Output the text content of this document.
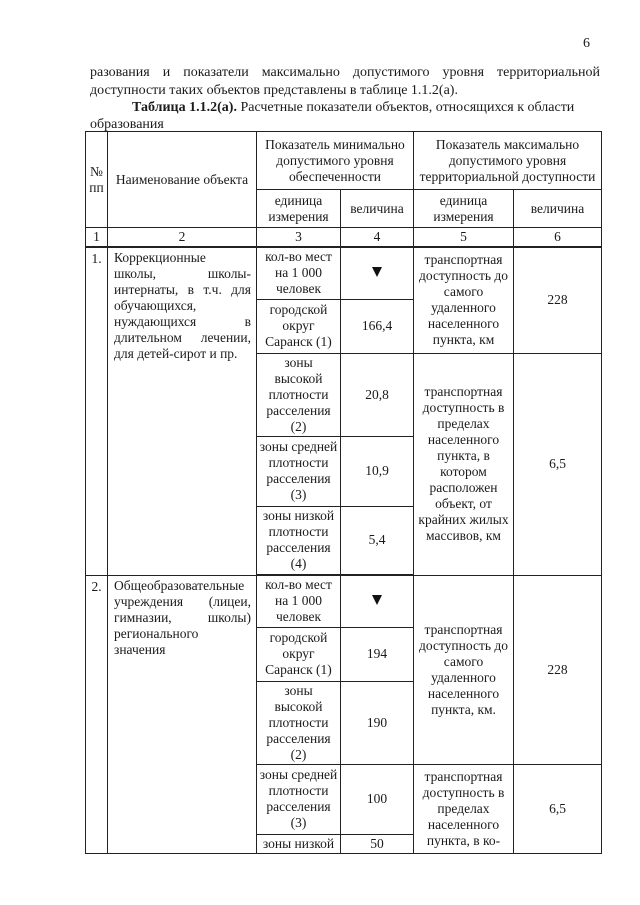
6

разования и показатели максимально допустимого уровня территориальной доступности таких объектов представлены в таблице 1.1.2(а).

Таблица 1.1.2(а). Расчетные показатели объектов, относящихся к области образования
№ пп	Наименование объекта	Показатель минимально допустимого уровня обеспеченности		Показатель максимально допустимого уровня территориальной доступности	
		единица измерения	величина	единица измерения	величина
1	2	3	4	5	6
1.	Коррекционные школы, школы-интернаты, в т.ч. для обучающихся, нуждающихся в длительном лечении, для детей-сирот и пр.	кол-во мест на 1 000 человек		транспортная доступность до самого удаленного населенного пункта, км	228
		городской округ Саранск (1)	166,4		
		зоны высокой плотности расселения (2)	20,8	транспортная доступность в пределах населенного пункта, в котором расположен объект, от крайних жилых массивов, км	6,5
		зоны средней плотности расселения (3)	10,9		
		зоны низкой плотности расселения (4)	5,4		
2.	Общеобразовательные учреждения (лицеи, гимназии, школы) регионального значения	кол-во мест на 1 000 человек		транспортная доступность до самого удаленного населенного пункта, км.	228
		городской округ Саранск (1)	194		
		зоны высокой плотности расселения (2)	190		
		зоны средней плотности расселения (3)	100	транспортная доступность в пределах населенного пункта, в ко-	6,5
		зоны низкой	50		
